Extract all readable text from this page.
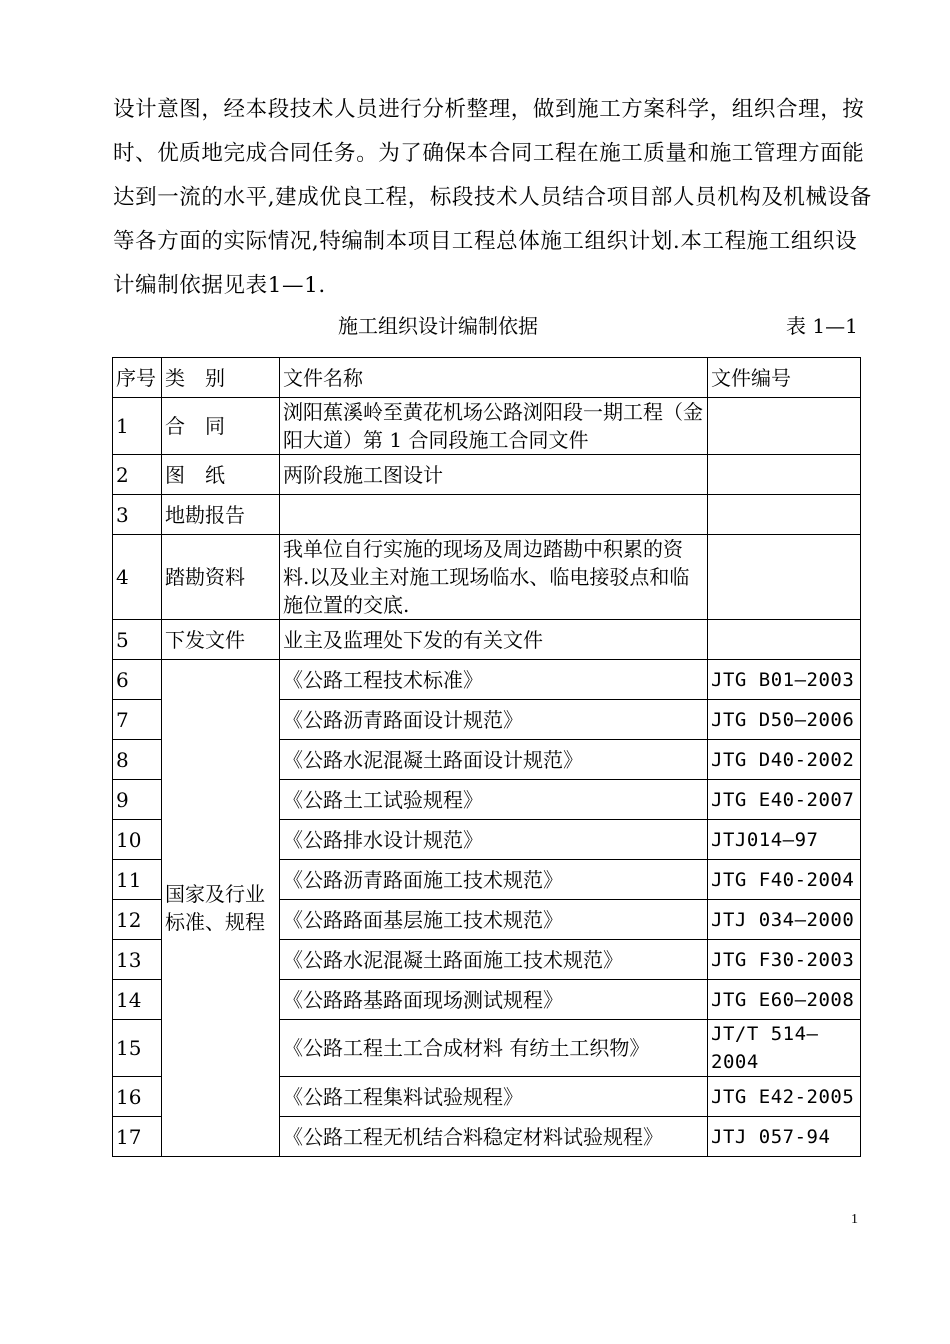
设计意图，经本段技术人员进行分析整理，做到施工方案科学，组织合理，按时、优质地完成合同任务。为了确保本合同工程在施工质量和施工管理方面能达到一流的水平,建成优良工程，标段技术人员结合项目部人员机构及机械设备等各方面的实际情况,特编制本项目工程总体施工组织计划.本工程施工组织设计编制依据见表1—1.

施工组织设计编制依据	表 1—1
序号	类　别	文件名称	文件编号
1	合　同	浏阳蕉溪岭至黄花机场公路浏阳段一期工程（金阳大道）第 1 合同段施工合同文件	
2	图　纸	两阶段施工图设计	
3	地勘报告		
4	踏勘资料	我单位自行实施的现场及周边踏勘中积累的资料.以及业主对施工现场临水、临电接驳点和临施位置的交底.	
5	下发文件	业主及监理处下发的有关文件	
6	国家及行业标准、规程	《公路工程技术标准》	JTG B01—2003
7		《公路沥青路面设计规范》	JTG D50—2006
8		《公路水泥混凝土路面设计规范》	JTG D40-2002
9		《公路土工试验规程》	JTG E40-2007
10		《公路排水设计规范》	JTJ014—97
11		《公路沥青路面施工技术规范》	JTG F40-2004
12		《公路路面基层施工技术规范》	JTJ 034—2000
13		《公路水泥混凝土路面施工技术规范》	JTG F30-2003
14		《公路路基路面现场测试规程》	JTG E60—2008
15		《公路工程土工合成材料 有纺土工织物》	JT/T 514—2004
16		《公路工程集料试验规程》	JTG E42-2005
17		《公路工程无机结合料稳定材料试验规程》	JTJ 057-94
1
